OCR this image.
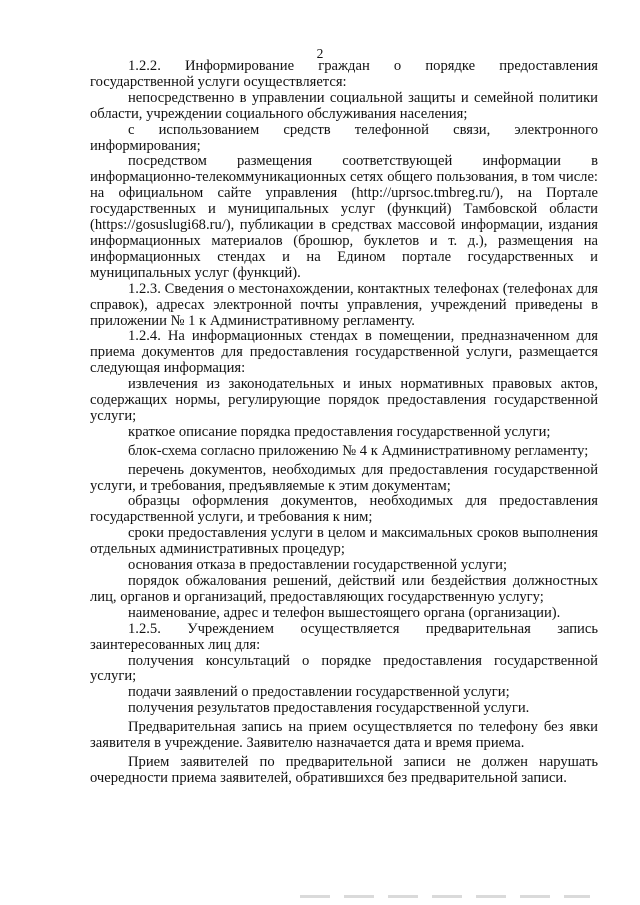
2

1.2.2. Информирование граждан о порядке предоставления государственной услуги осуществляется:

непосредственно в управлении социальной защиты и семейной политики области, учреждении социального обслуживания населения;

с использованием средств телефонной связи, электронного информирования;

посредством размещения соответствующей информации в информационно-телекоммуникационных сетях общего пользования, в том числе: на официальном сайте управления (http://uprsoc.tmbreg.ru/), на Портале государственных и муниципальных услуг (функций) Тамбовской области (https://gosuslugi68.ru/), публикации в средствах массовой информации, издания информационных материалов (брошюр, буклетов и т. д.), размещения на информационных стендах и на Едином портале государственных и муниципальных услуг (функций).

1.2.3. Сведения о местонахождении, контактных телефонах (телефонах для справок), адресах электронной почты управления, учреждений приведены в приложении № 1 к Административному регламенту.

1.2.4. На информационных стендах в помещении, предназначенном для приема документов для предоставления государственной услуги, размещается следующая информация:

извлечения из законодательных и иных нормативных правовых актов, содержащих нормы, регулирующие порядок предоставления государственной услуги;

краткое описание порядка предоставления государственной услуги;

блок-схема согласно приложению № 4 к Административному регламенту;

перечень документов, необходимых для предоставления государственной услуги, и требования, предъявляемые к этим документам;

образцы оформления документов, необходимых для предоставления государственной услуги, и требования к ним;

сроки предоставления услуги в целом и максимальных сроков выполнения отдельных административных процедур;

основания отказа в предоставлении государственной услуги;

порядок обжалования решений, действий или бездействия должностных лиц, органов и организаций, предоставляющих государственную услугу;

наименование, адрес и телефон вышестоящего органа (организации).

1.2.5. Учреждением осуществляется предварительная запись заинтересованных лиц для:

получения консультаций о порядке предоставления государственной услуги;

подачи заявлений о предоставлении государственной услуги;

получения результатов предоставления государственной услуги.

Предварительная запись на прием осуществляется по телефону без явки заявителя в учреждение. Заявителю назначается дата и время приема.

Прием заявителей по предварительной записи не должен нарушать очередности приема заявителей, обратившихся без предварительной записи.
